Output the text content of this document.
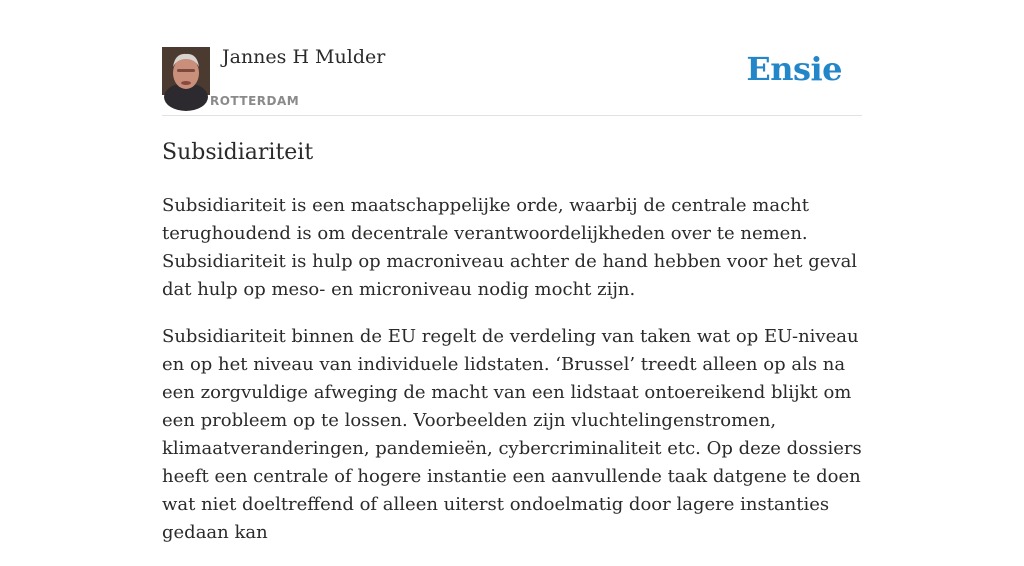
Jannes H Mulder
ROTTERDAM
Ensie
Subsidiariteit

Subsidiariteit is een maatschappelijke orde, waarbij de centrale macht terughoudend is om decentrale verantwoordelijkheden over te nemen. Subsidiariteit is hulp op macroniveau achter de hand hebben voor het geval dat hulp op meso- en microniveau nodig mocht zijn.

Subsidiariteit binnen de EU regelt de verdeling van taken wat op EU-niveau en op het niveau van individuele lidstaten. ‘Brussel’ treedt alleen op als na een zorgvuldige afweging de macht van een lidstaat ontoereikend blijkt om een probleem op te lossen. Voorbeelden zijn vluchtelingenstromen, klimaatveranderingen, pandemieën, cybercriminaliteit etc. Op deze dossiers heeft een centrale of hogere instantie een aanvullende taak datgene te doen wat niet doeltreffend of alleen uiterst ondoelmatig door lagere instanties gedaan kan
